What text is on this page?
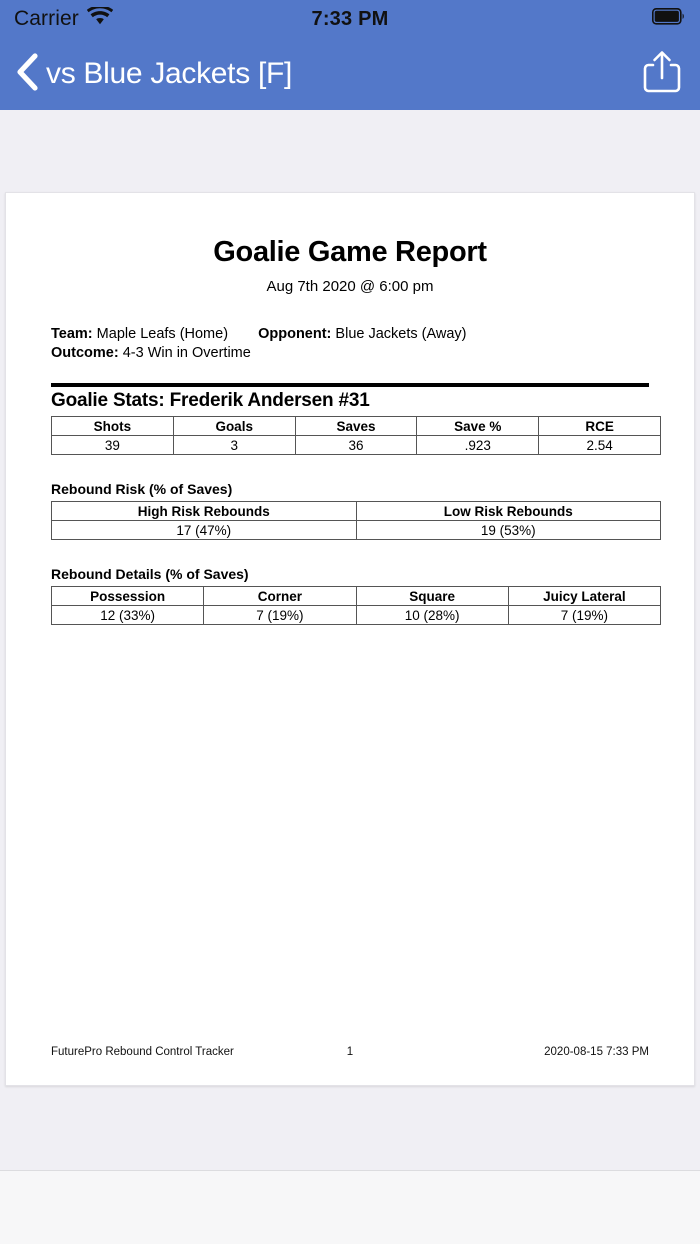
Carrier	7:33 PM
vs Blue Jackets [F]
Goalie Game Report
Aug 7th 2020 @ 6:00 pm
Team: Maple Leafs (Home) Opponent: Blue Jackets (Away)
Outcome: 4-3 Win in Overtime
Goalie Stats: Frederik Andersen #31
Shots	Goals	Saves	Save %	RCE
39	3	36	.923	2.54
Rebound Risk (% of Saves)
High Risk Rebounds	Low Risk Rebounds
17 (47%)	19 (53%)
Rebound Details (% of Saves)
Possession	Corner	Square	Juicy Lateral
12 (33%)	7 (19%)	10 (28%)	7 (19%)
FuturePro Rebound Control Tracker	1	2020-08-15 7:33 PM
